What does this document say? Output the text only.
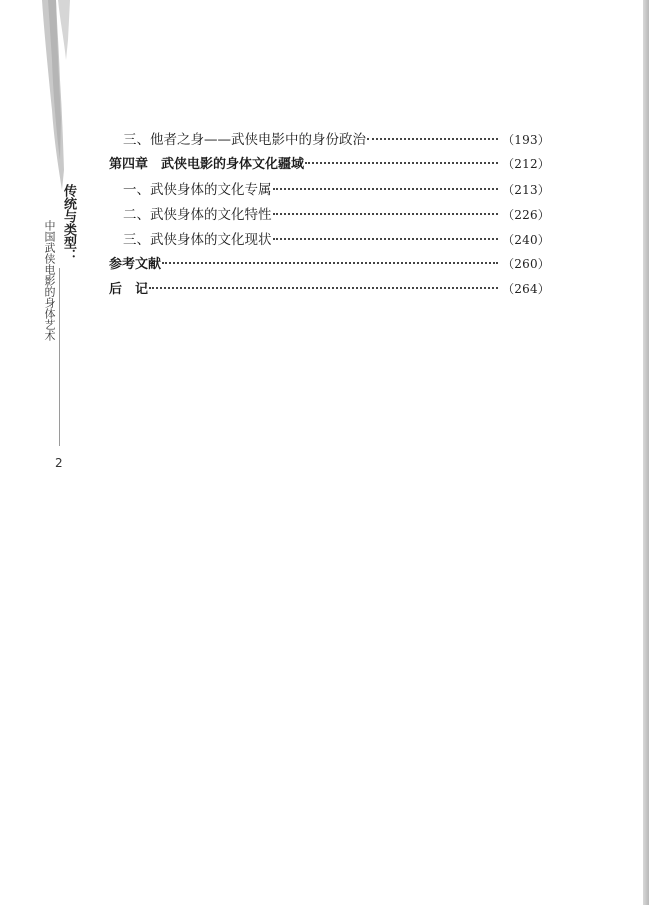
传统与类型：
中国武侠电影的身体艺术
2
三、他者之身——武侠电影中的身份政治	（193）
第四章　武侠电影的身体文化疆域	（212）
一、武侠身体的文化专属	（213）
二、武侠身体的文化特性	（226）
三、武侠身体的文化现状	（240）
参考文献	（260）
后　记	（264）
